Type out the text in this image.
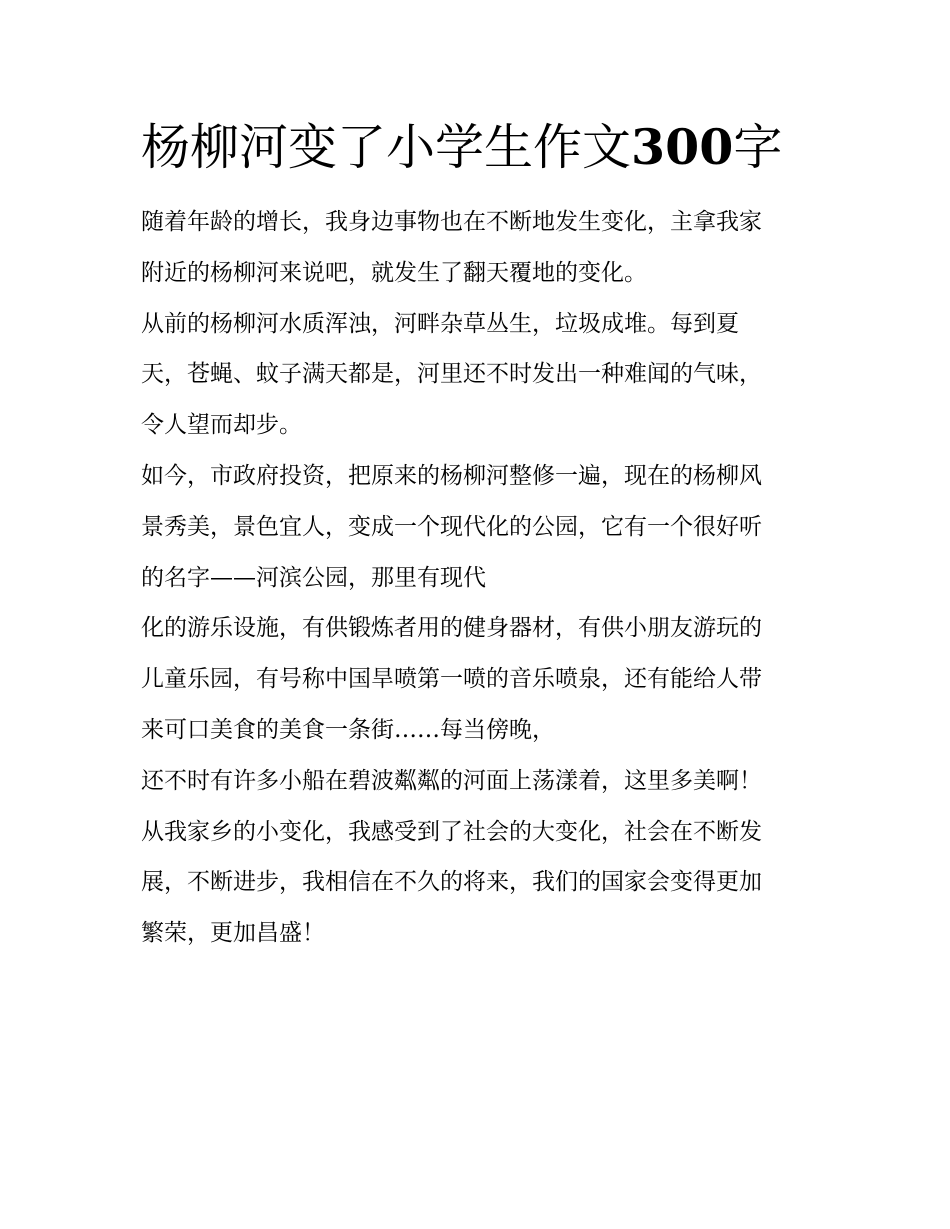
杨柳河变了小学生作文300字
随着年龄的增长，我身边事物也在不断地发生变化，主拿我家
附近的杨柳河来说吧，就发生了翻天覆地的变化。
从前的杨柳河水质浑浊，河畔杂草丛生，垃圾成堆。每到夏
天，苍蝇、蚊子满天都是，河里还不时发出一种难闻的气味，
令人望而却步。
如今，市政府投资，把原来的杨柳河整修一遍，现在的杨柳风
景秀美，景色宜人，变成一个现代化的公园，它有一个很好听
的名字——河滨公园，那里有现代
化的游乐设施，有供锻炼者用的健身器材，有供小朋友游玩的
儿童乐园，有号称中国旱喷第一喷的音乐喷泉，还有能给人带
来可口美食的美食一条街……每当傍晚，
还不时有许多小船在碧波粼粼的河面上荡漾着，这里多美啊！
从我家乡的小变化，我感受到了社会的大变化，社会在不断发
展，不断进步，我相信在不久的将来，我们的国家会变得更加
繁荣，更加昌盛！
